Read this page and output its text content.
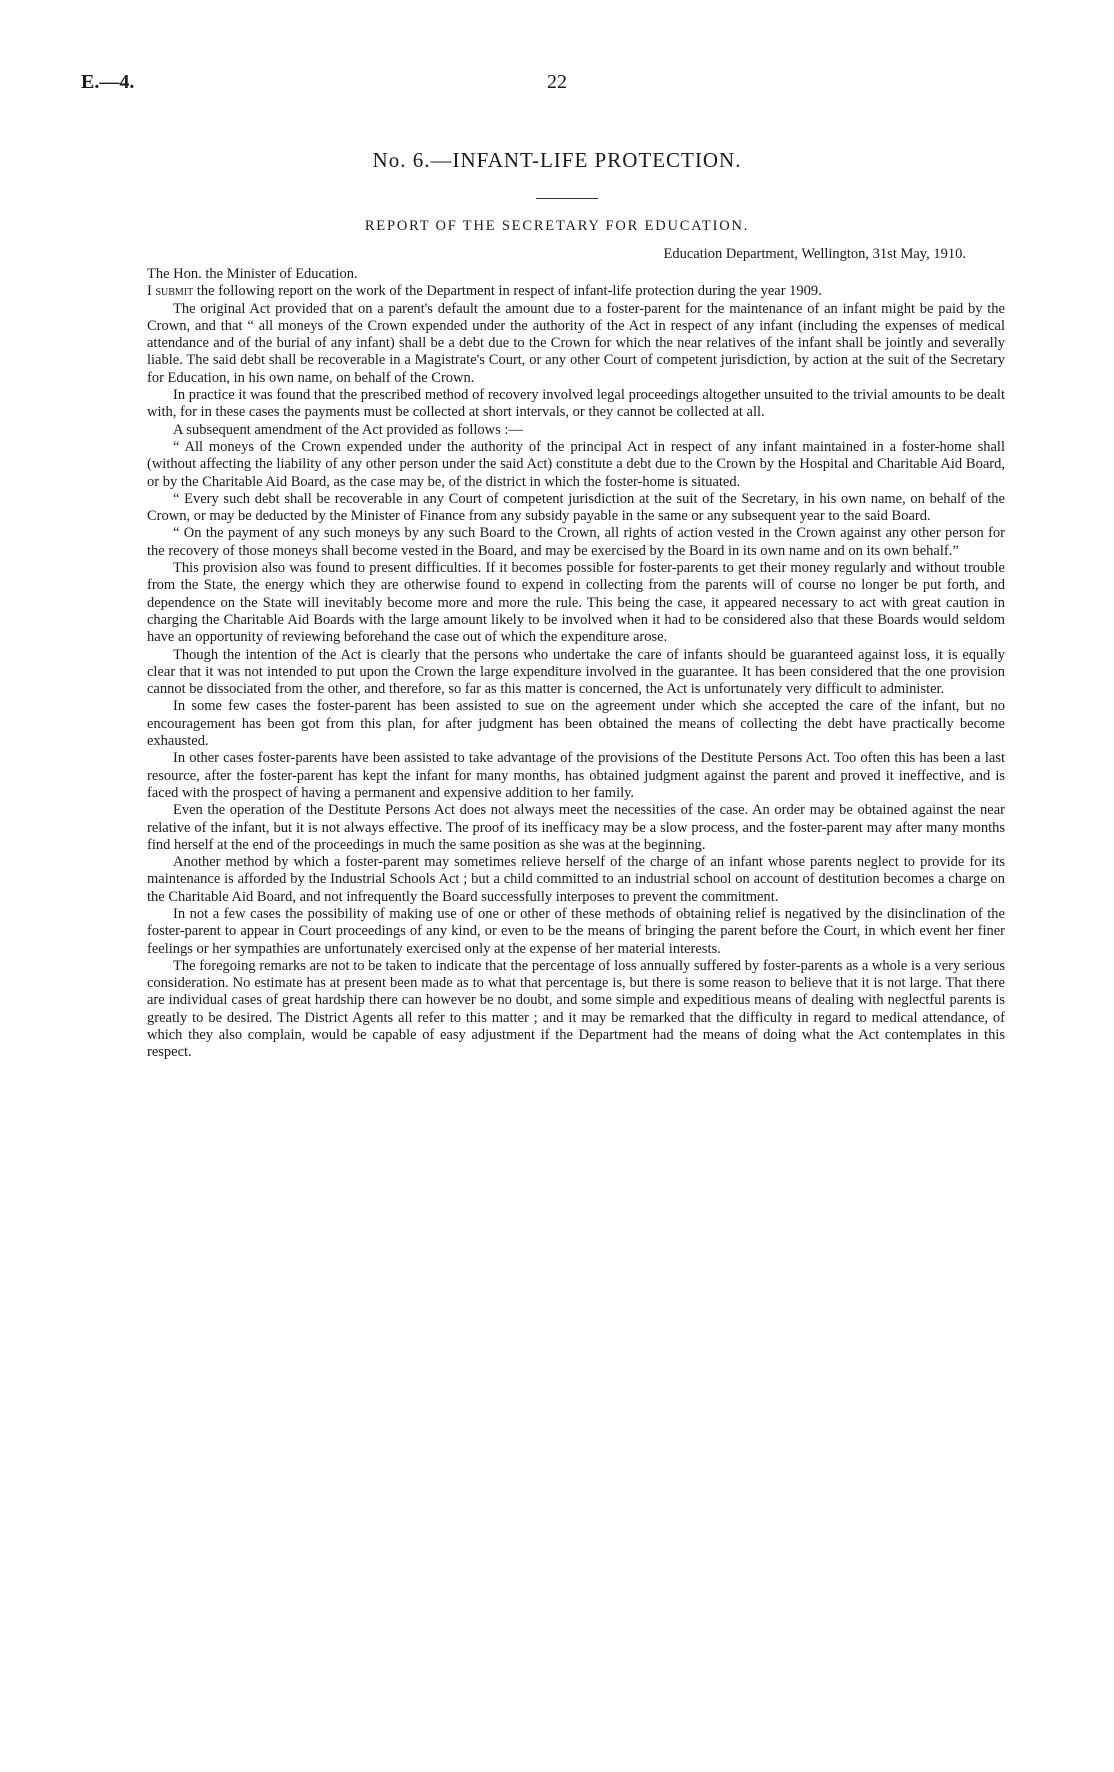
E.—4.	22
No. 6.—INFANT-LIFE PROTECTION.
REPORT OF THE SECRETARY FOR EDUCATION.
Education Department, Wellington, 31st May, 1910.

The Hon. the Minister of Education.

I submit the following report on the work of the Department in respect of infant-life protection during the year 1909.

The original Act provided that on a parent's default the amount due to a foster-parent for the maintenance of an infant might be paid by the Crown, and that “ all moneys of the Crown expended under the authority of the Act in respect of any infant (including the expenses of medical attendance and of the burial of any infant) shall be a debt due to the Crown for which the near relatives of the infant shall be jointly and severally liable. The said debt shall be recoverable in a Magistrate's Court, or any other Court of competent jurisdiction, by action at the suit of the Secretary for Education, in his own name, on behalf of the Crown.

In practice it was found that the prescribed method of recovery involved legal proceedings altogether unsuited to the trivial amounts to be dealt with, for in these cases the payments must be collected at short intervals, or they cannot be collected at all.

A subsequent amendment of the Act provided as follows :—

“ All moneys of the Crown expended under the authority of the principal Act in respect of any infant maintained in a foster-home shall (without affecting the liability of any other person under the said Act) constitute a debt due to the Crown by the Hospital and Charitable Aid Board, or by the Charitable Aid Board, as the case may be, of the district in which the foster-home is situated.

“ Every such debt shall be recoverable in any Court of competent jurisdiction at the suit of the Secretary, in his own name, on behalf of the Crown, or may be deducted by the Minister of Finance from any subsidy payable in the same or any subsequent year to the said Board.

“ On the payment of any such moneys by any such Board to the Crown, all rights of action vested in the Crown against any other person for the recovery of those moneys shall become vested in the Board, and may be exercised by the Board in its own name and on its own behalf.”

This provision also was found to present difficulties. If it becomes possible for foster-parents to get their money regularly and without trouble from the State, the energy which they are otherwise found to expend in collecting from the parents will of course no longer be put forth, and dependence on the State will inevitably become more and more the rule. This being the case, it appeared necessary to act with great caution in charging the Charitable Aid Boards with the large amount likely to be involved when it had to be considered also that these Boards would seldom have an opportunity of reviewing beforehand the case out of which the expenditure arose.

Though the intention of the Act is clearly that the persons who undertake the care of infants should be guaranteed against loss, it is equally clear that it was not intended to put upon the Crown the large expenditure involved in the guarantee. It has been considered that the one provision cannot be dissociated from the other, and therefore, so far as this matter is concerned, the Act is unfortunately very difficult to administer.

In some few cases the foster-parent has been assisted to sue on the agreement under which she accepted the care of the infant, but no encouragement has been got from this plan, for after judgment has been obtained the means of collecting the debt have practically become exhausted.

In other cases foster-parents have been assisted to take advantage of the provisions of the Destitute Persons Act. Too often this has been a last resource, after the foster-parent has kept the infant for many months, has obtained judgment against the parent and proved it ineffective, and is faced with the prospect of having a permanent and expensive addition to her family.

Even the operation of the Destitute Persons Act does not always meet the necessities of the case. An order may be obtained against the near relative of the infant, but it is not always effective. The proof of its inefficacy may be a slow process, and the foster-parent may after many months find herself at the end of the proceedings in much the same position as she was at the beginning.

Another method by which a foster-parent may sometimes relieve herself of the charge of an infant whose parents neglect to provide for its maintenance is afforded by the Industrial Schools Act ; but a child committed to an industrial school on account of destitution becomes a charge on the Charitable Aid Board, and not infrequently the Board successfully interposes to prevent the commitment.

In not a few cases the possibility of making use of one or other of these methods of obtaining relief is negatived by the disinclination of the foster-parent to appear in Court proceedings of any kind, or even to be the means of bringing the parent before the Court, in which event her finer feelings or her sympathies are unfortunately exercised only at the expense of her material interests.

The foregoing remarks are not to be taken to indicate that the percentage of loss annually suffered by foster-parents as a whole is a very serious consideration. No estimate has at present been made as to what that percentage is, but there is some reason to believe that it is not large. That there are individual cases of great hardship there can however be no doubt, and some simple and expeditious means of dealing with neglectful parents is greatly to be desired. The District Agents all refer to this matter ; and it may be remarked that the difficulty in regard to medical attendance, of which they also complain, would be capable of easy adjustment if the Department had the means of doing what the Act contemplates in this respect.
